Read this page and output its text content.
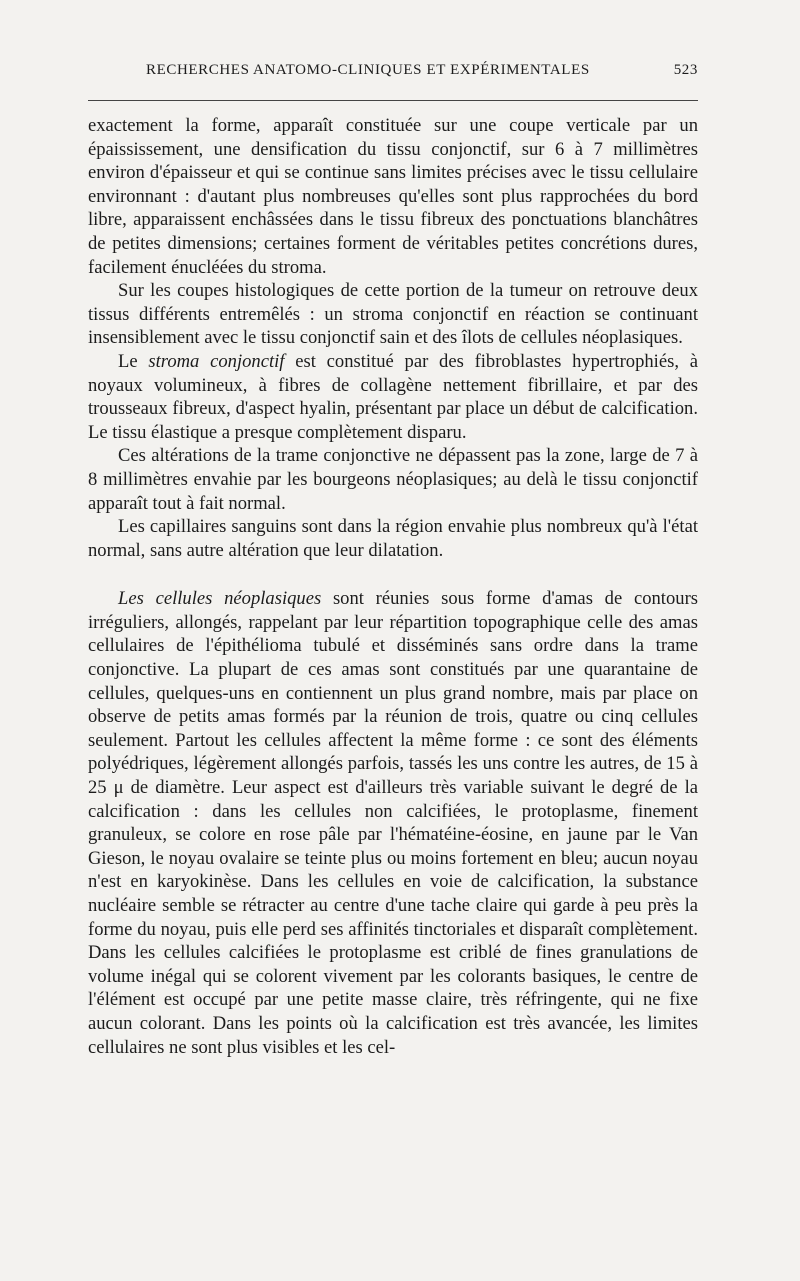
RECHERCHES ANATOMO-CLINIQUES ET EXPÉRIMENTALES	523

exactement la forme, apparaît constituée sur une coupe verticale par un épaississement, une densification du tissu conjonctif, sur 6 à 7 millimètres environ d'épaisseur et qui se continue sans limites précises avec le tissu cellulaire environnant : d'autant plus nombreuses qu'elles sont plus rapprochées du bord libre, apparaissent enchâssées dans le tissu fibreux des ponctuations blanchâtres de petites dimensions; certaines forment de véritables petites concrétions dures, facilement énucléées du stroma.

Sur les coupes histologiques de cette portion de la tumeur on retrouve deux tissus différents entremêlés : un stroma conjonctif en réaction se continuant insensiblement avec le tissu conjonctif sain et des îlots de cellules néoplasiques.

Le stroma conjonctif est constitué par des fibroblastes hypertrophiés, à noyaux volumineux, à fibres de collagène nettement fibrillaire, et par des trousseaux fibreux, d'aspect hyalin, présentant par place un début de calcification. Le tissu élastique a presque complètement disparu.

Ces altérations de la trame conjonctive ne dépassent pas la zone, large de 7 à 8 millimètres envahie par les bourgeons néoplasiques; au delà le tissu conjonctif apparaît tout à fait normal.

Les capillaires sanguins sont dans la région envahie plus nombreux qu'à l'état normal, sans autre altération que leur dilatation.

Les cellules néoplasiques sont réunies sous forme d'amas de contours irréguliers, allongés, rappelant par leur répartition topographique celle des amas cellulaires de l'épithélioma tubulé et disséminés sans ordre dans la trame conjonctive. La plupart de ces amas sont constitués par une quarantaine de cellules, quelques-uns en contiennent un plus grand nombre, mais par place on observe de petits amas formés par la réunion de trois, quatre ou cinq cellules seulement. Partout les cellules affectent la même forme : ce sont des éléments polyédriques, légèrement allongés parfois, tassés les uns contre les autres, de 15 à 25 μ de diamètre. Leur aspect est d'ailleurs très variable suivant le degré de la calcification : dans les cellules non calcifiées, le protoplasme, finement granuleux, se colore en rose pâle par l'hématéine-éosine, en jaune par le Van Gieson, le noyau ovalaire se teinte plus ou moins fortement en bleu; aucun noyau n'est en karyokinèse. Dans les cellules en voie de calcification, la substance nucléaire semble se rétracter au centre d'une tache claire qui garde à peu près la forme du noyau, puis elle perd ses affinités tinctoriales et disparaît complètement. Dans les cellules calcifiées le protoplasme est criblé de fines granulations de volume inégal qui se colorent vivement par les colorants basiques, le centre de l'élément est occupé par une petite masse claire, très réfringente, qui ne fixe aucun colorant. Dans les points où la calcification est très avancée, les limites cellulaires ne sont plus visibles et les cel-
